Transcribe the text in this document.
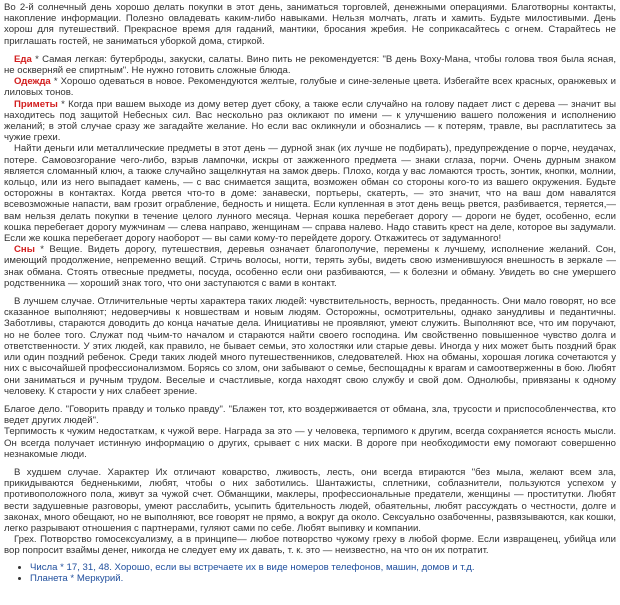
Во 2-й солнечный день хорошо делать покупки в этот день, заниматься торговлей, денежными операциями. Благотворны контакты, накопление информации. Полезно овладевать каким-либо навыками. Нельзя молчать, лгать и хамить. Будьте милостивыми. День хорош для путешествий. Прекрасное время для гаданий, мантики, бросания жребия. Не соприкасайтесь с огнем. Старайтесь не приглашать гостей, не заниматься уборкой дома, стиркой.

Еда * Самая легкая: бутерброды, закуски, салаты. Вино пить не рекомендуется: "В день Вохy-Мана, чтобы голова твоя была ясная, не оскверняй ее спиртным". Не нужно готовить сложные блюда.

Одежда * Хорошо одеваться в новое. Рекомендуются желтые, голубые и сине-зеленые цвета. Избегайте всех красных, оранжевых и лиловых тонов.

Приметы * Когда при вашем выходе из дому ветер дует сбоку, а также если случайно на голову падает лист с дерева — значит вы находитесь под защитой Небесных сил. Вас нескольно раз окликают по имени — к улучшению вашего положения и исполнению желаний; в этой случае сразу же загадайте желание. Но если вас окликнули и обознались — к потерям, травле, вы расплатитесь за чужие грехи.

Найти деньги или металлические предметы в этот день — дурной знак (их лучше не подбирать), предупреждение о порче, неудачах, потере. Самовозгорание чего-либо, взрыв лампочки, искры от зажженного предмета — знаки сглаза, порчи. Очень дурным знаком является сломанный ключ, а также случайно защелкнутая на замок дверь. Плохо, когда у вас ломаются трость, зонтик, кнопки, молнии, кольцо, или из него выпадает камень, — с вас снимается защита, возможен обман со стороны кого-то из вашего окружения. Будьте осторожны в контактах. Когда рвется что-то в доме: занавески, портьеры, скатерть, — это значит, что на ваш дом навалятся всевозможные напасти, вам грозит ограбление, бедность и нищета. Если купленная в этот день вещь рвется, разбивается, теряется,— вам нельзя делать покупки в течение целого лунного месяца. Черная кошка перебегает дорогу — дороги не будет, особенно, если кошка перебегает дорогу мужчинам — слева направо, женщинам — справа налево. Надо ставить крест на деле, которое вы задумали. Если же кошка перебегает дорогу наоборот — вы сами кому-то перейдете дорогу. Откажитесь от задуманного!

Сны * Вещие. Видеть дорогу, путешествия, деревья означает благополучие, перемены к лучшему, исполнение желаний. Сон, имеющий продолжение, непременно вещий. Стричь волосы, ногти, терять зубы, видеть свою изменившуюся внешность в зеркале — знак обмана. Стоять отвесные предметы, посуда, особенно если они разбиваются, — к болезни и обману. Увидеть во сне умершего родственника — хороший знак того, что они заступаются с вами в контакт.

В лучшем случае. Отличительные черты характера таких людей: чувствительность, верность, преданность. Они мало говорят, но все сказанное выполняют; недоверчивы к новшествам и новым людям. Осторожны, осмотрительны, однако занудливы и педантичны. Заботливы, стараются доводить до конца начатые дела. Инициативы не проявляют, умеют служить. Выполняют все, что им поручают, но не более того. Служат под чьим-то началом и стараются найти своего господина. Им свойственно повышенное чувство долга и ответственности. У этих людей, как правило, не бывает семьи, это холостяки или старые девы. Иногда у них может быть поздний брак или один поздний ребенок. Среди таких людей много путешественников, следователей. Нюх на обманы, хорошая логика сочетаются у них с высочайшей профессионализмом. Борясь со злом, они забывают о семье, беспощадны к врагам и самоотверженны в бою. Любят они заниматься и ручным трудом. Веселые и счастливые, когда находят свою службу и свой дом. Однолюбы, привязаны к одному человеку. К старости у них слабеет зрение.

Благое дело. "Говорить правду и только правду". "Блажен тот, кто воздерживается от обмана, зла, трусости и приспособленчества, кто ведет других людей".

Терпимость к чужим недостаткам, к чужой вере. Награда за это — у человека, терпимого к другим, всегда сохраняется ясность мысли. Он всегда получает истинную информацию о других, срывает с них маски. В дороге при необходимости ему помогают совершенно незнакомые люди.

В худшем случае. Характер Их отличают коварство, лживость, лесть, они всегда втираются "без мыла, желают всем зла, прикидываются бедненькими, любят, чтобы о них заботились. Шантажисты, сплетники, соблазнители, пользуются успехом у противоположного пола, живут за чужой счет. Обманщики, маклеры, профессиональные предатели, женщины — проститутки. Любят вести задушевные разговоры, умеют расслабить, усыпить бдительность людей, обаятельны, любят рассуждать о честности, долге и законах, много обещают, но не выполняют, все говорят не прямо, а вокруг да около. Сексуально озабоченны, развязываются, как кошки, легко разрывают отношения с партнерами, гуляют сами по себе. Любят выпивку и компании.

Грех. Потворство гомосексуализму, а в принципе— любое потворство чужому греху в любой форме. Если извращенец, убийца или вор попросит взаймы денег, никогда не следует ему их давать, т. к. это — неизвестно, на что он их потратит.

• Числа * 17, 31, 48. Хорошо, если вы встречаете их в виде номеров телефонов, машин, домов и т.д.
• Планета * Меркурий.
